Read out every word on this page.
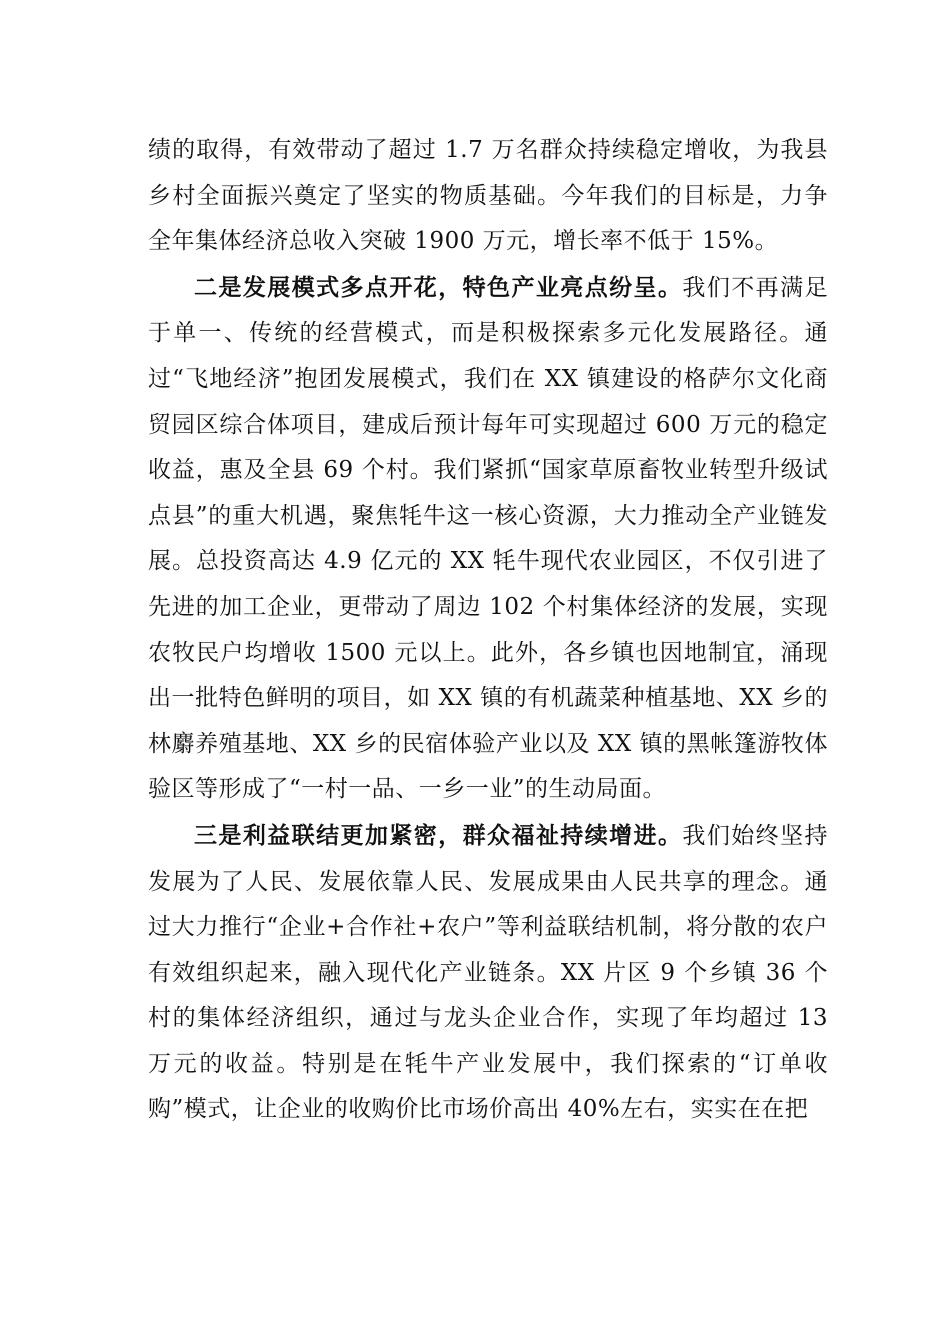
绩的取得，有效带动了超过 1.7 万名群众持续稳定增收，为我县乡村全面振兴奠定了坚实的物质基础。今年我们的目标是，力争全年集体经济总收入突破 1900 万元，增长率不低于 15%。

二是发展模式多点开花，特色产业亮点纷呈。我们不再满足于单一、传统的经营模式，而是积极探索多元化发展路径。通过“飞地经济”抱团发展模式，我们在 XX 镇建设的格萨尔文化商贸园区综合体项目，建成后预计每年可实现超过 600 万元的稳定收益，惠及全县 69 个村。我们紧抓“国家草原畜牧业转型升级试点县”的重大机遇，聚焦牦牛这一核心资源，大力推动全产业链发展。总投资高达 4.9 亿元的 XX 牦牛现代农业园区，不仅引进了先进的加工企业，更带动了周边 102 个村集体经济的发展，实现农牧民户均增收 1500 元以上。此外，各乡镇也因地制宜，涌现出一批特色鲜明的项目，如 XX 镇的有机蔬菜种植基地、XX 乡的林麝养殖基地、XX 乡的民宿体验产业以及 XX 镇的黑帐篷游牧体验区等形成了“一村一品、一乡一业”的生动局面。

三是利益联结更加紧密，群众福祉持续增进。我们始终坚持发展为了人民、发展依靠人民、发展成果由人民共享的理念。通过大力推行“企业+合作社+农户”等利益联结机制，将分散的农户有效组织起来，融入现代化产业链条。XX 片区 9 个乡镇 36 个村的集体经济组织，通过与龙头企业合作，实现了年均超过 13 万元的收益。特别是在牦牛产业发展中，我们探索的“订单收购”模式，让企业的收购价比市场价高出 40%左右，实实在在把
